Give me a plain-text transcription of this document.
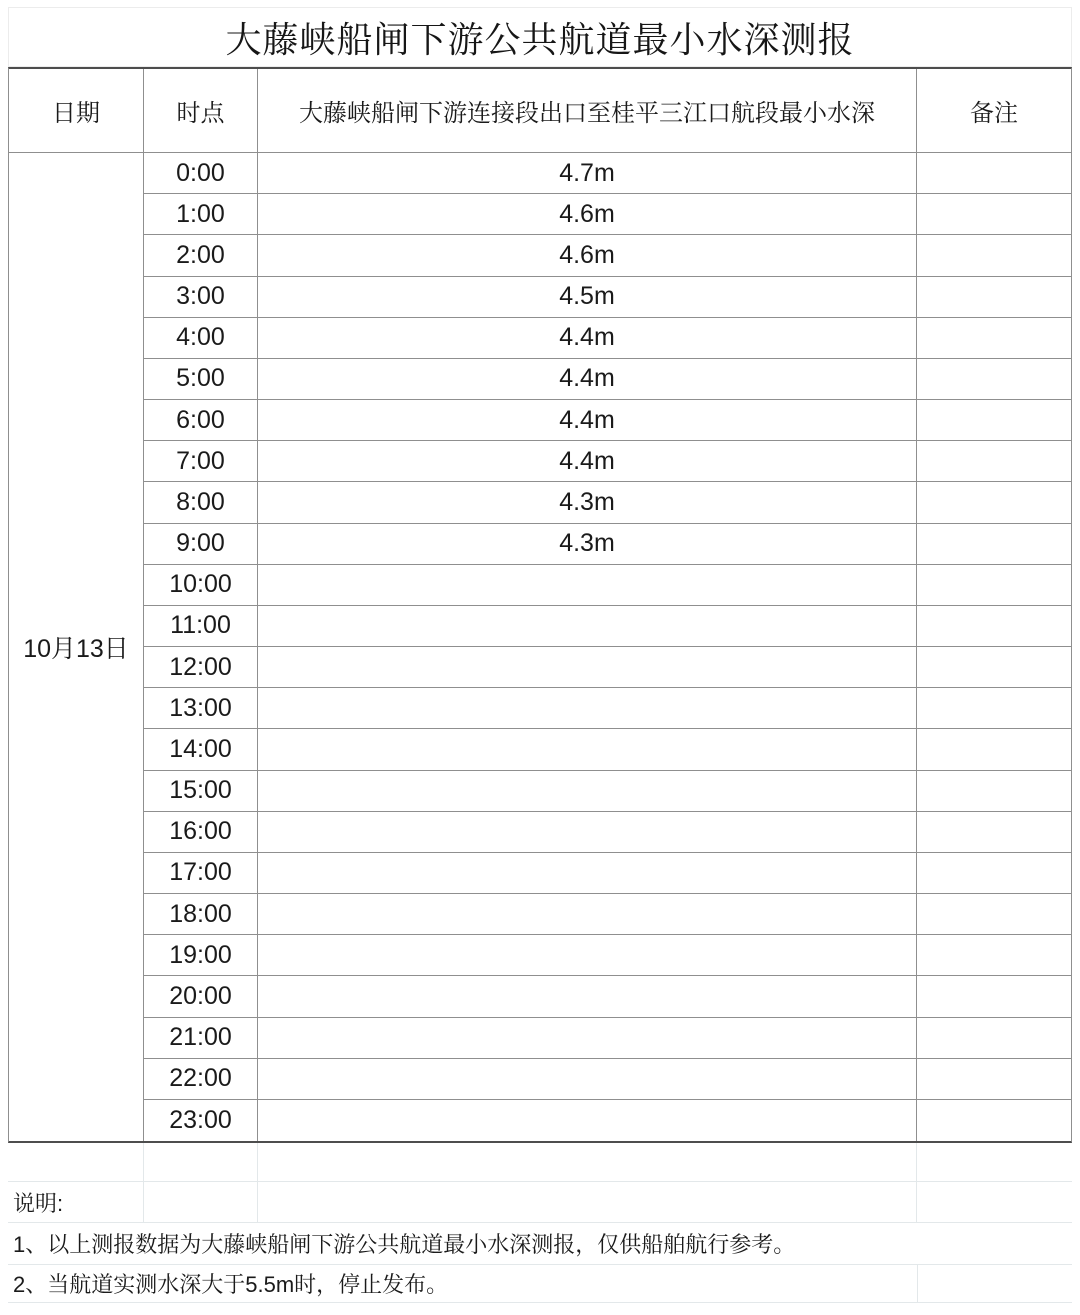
大藤峡船闸下游公共航道最小水深测报
日期	时点	大藤峡船闸下游连接段出口至桂平三江口航段最小水深	备注
10月13日
0:00	4.7m
1:00	4.6m
2:00	4.6m
3:00	4.5m
4:00	4.4m
5:00	4.4m
6:00	4.4m
7:00	4.4m
8:00	4.3m
9:00	4.3m
10:00
11:00
12:00
13:00
14:00
15:00
16:00
17:00
18:00
19:00
20:00
21:00
22:00
23:00
说明:
1、以上测报数据为大藤峡船闸下游公共航道最小水深测报，仅供船舶航行参考。
2、当航道实测水深大于5.5m时，停止发布。
